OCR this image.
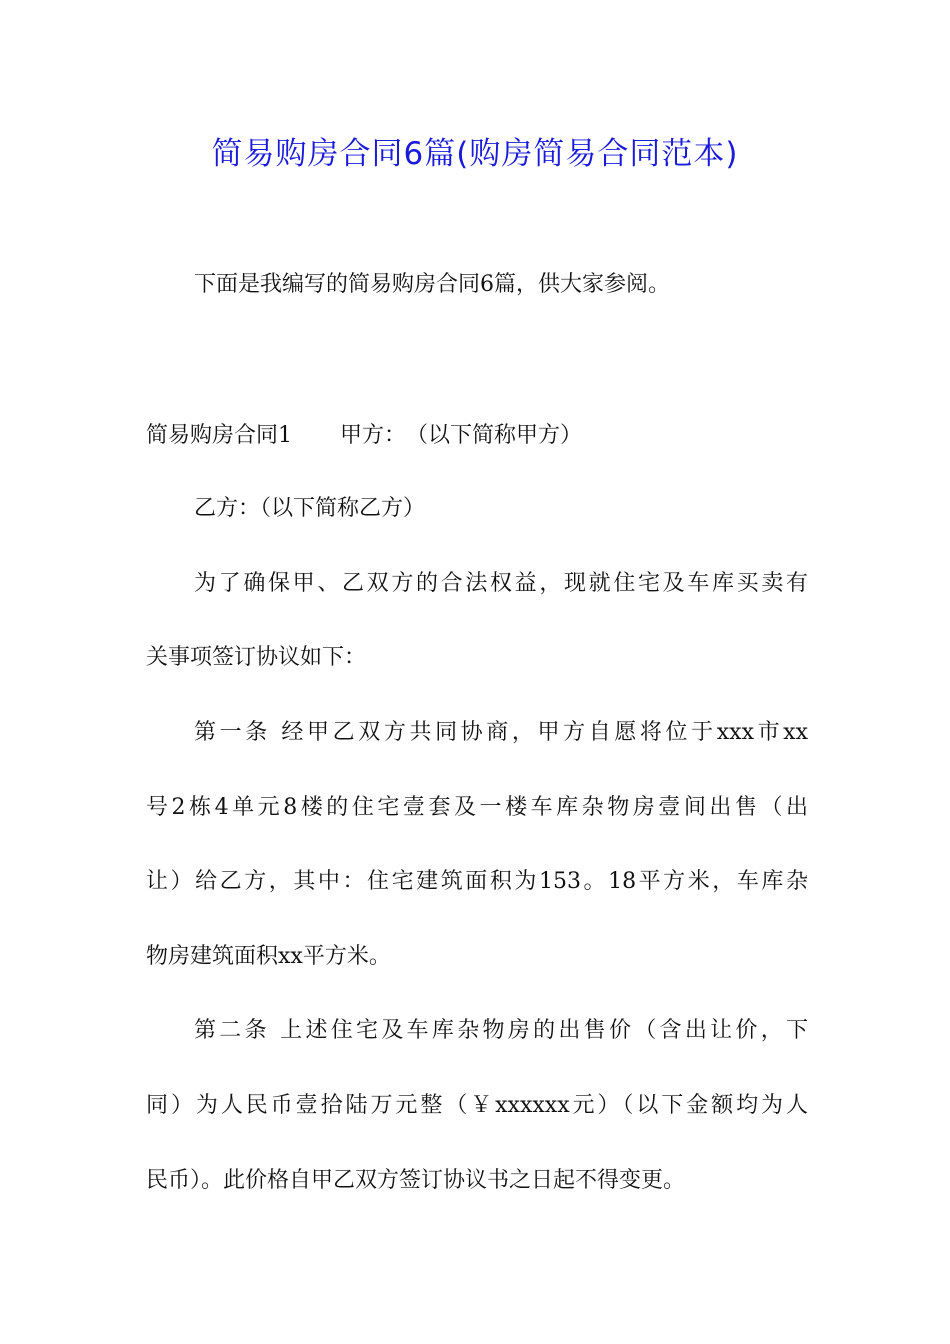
简易购房合同6篇(购房简易合同范本)
下面是我编写的简易购房合同6篇，供大家参阅。
简易购房合同1 甲方：　（以下简称甲方）
乙方：（以下简称乙方）
为了确保甲、乙双方的合法权益，现就住宅及车库买卖有
关事项签订协议如下：
第一条 经甲乙双方共同协商，甲方自愿将位于xxx市xx
号2栋4单元8楼的住宅壹套及一楼车库杂物房壹间出售（出
让）给乙方，其中：住宅建筑面积为153。18平方米，车库杂
物房建筑面积xx平方米。
第二条 上述住宅及车库杂物房的出售价（含出让价，下
同）为人民币壹拾陆万元整（￥xxxxxx元）（以下金额均为人
民币）。此价格自甲乙双方签订协议书之日起不得变更。
